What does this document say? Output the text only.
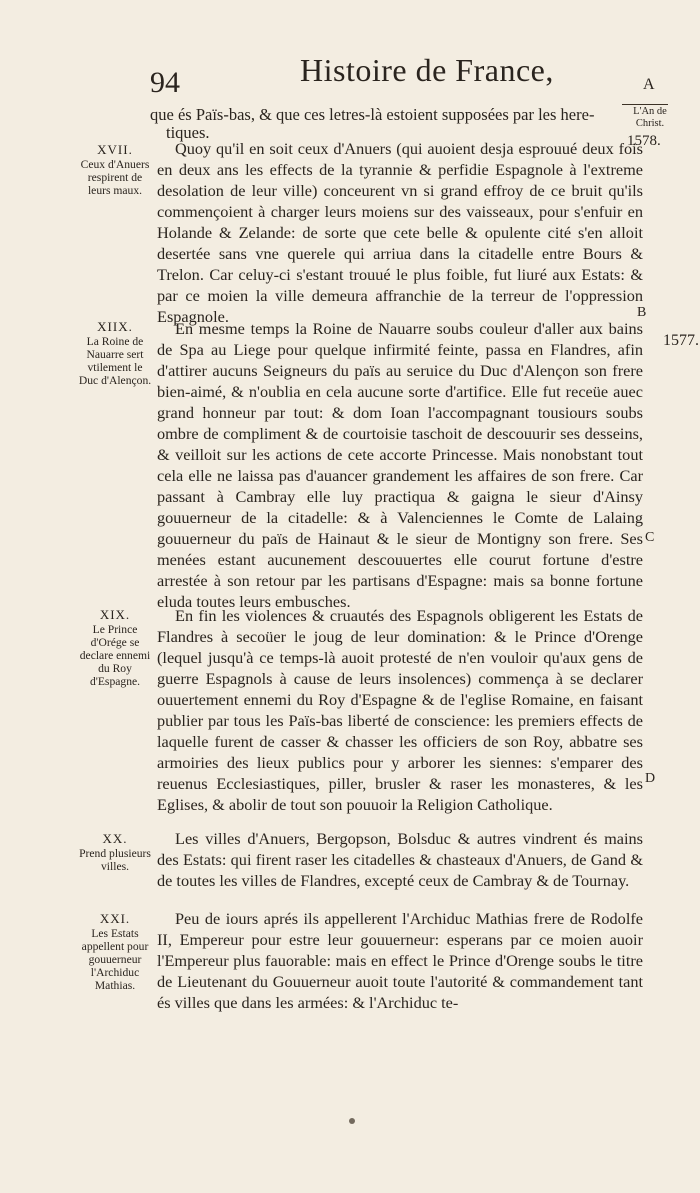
94	Histoire de France,	A
L'An de Christ.
1578.
B
1577.
C
D
que és Païs-bas, & que ces letres-là estoient supposées par les here-
tiques.
XVII.
Ceux d'Anuers respirent de leurs maux.

Quoy qu'il en soit ceux d'Anuers (qui auoient desja esprouué deux fois en deux ans les effects de la tyrannie & perfidie Espagnole à l'extreme desolation de leur ville) conceurent vn si grand effroy de ce bruit qu'ils commençoient à charger leurs moiens sur des vaisseaux, pour s'enfuir en Holande & Zelande: de sorte que cete belle & opulente cité s'en alloit desertée sans vne querele qui arriua dans la citadelle entre Bours & Trelon. Car celuy-ci s'estant trouué le plus foible, fut liuré aux Estats: & par ce moien la ville demeura affranchie de la terreur de l'oppression Espagnole.

XIIX.
La Roine de Nauarre sert vtilement le Duc d'Alençon.

En mesme temps la Roine de Nauarre soubs couleur d'aller aux bains de Spa au Liege pour quelque infirmité feinte, passa en Flandres, afin d'attirer aucuns Seigneurs du païs au seruice du Duc d'Alençon son frere bien-aimé, & n'oublia en cela aucune sorte d'artifice. Elle fut receüe auec grand honneur par tout: & dom Ioan l'accompagnant tousiours soubs ombre de compliment & de courtoisie taschoit de descouurir ses desseins, & veilloit sur les actions de cete accorte Princesse. Mais nonobstant tout cela elle ne laissa pas d'auancer grandement les affaires de son frere. Car passant à Cambray elle luy practiqua & gaigna le sieur d'Ainsy gouuerneur de la citadelle: & à Valenciennes le Comte de Lalaing gouuerneur du païs de Hainaut & le sieur de Montigny son frere. Ses menées estant aucunement descouuertes elle courut fortune d'estre arrestée à son retour par les partisans d'Espagne: mais sa bonne fortune eluda toutes leurs embusches.

XIX.
Le Prince d'Orége se declare ennemi du Roy d'Espagne.

En fin les violences & cruautés des Espagnols obligerent les Estats de Flandres à secoüer le joug de leur domination: & le Prince d'Orenge (lequel jusqu'à ce temps-là auoit protesté de n'en vouloir qu'aux gens de guerre Espagnols à cause de leurs insolences) commença à se declarer ouuertement ennemi du Roy d'Espagne & de l'eglise Romaine, en faisant publier par tous les Païs-bas liberté de conscience: les premiers effects de laquelle furent de casser & chasser les officiers de son Roy, abbatre ses armoiries des lieux publics pour y arborer les siennes: s'emparer des reuenus Ecclesiastiques, piller, brusler & raser les monasteres, & les Eglises, & abolir de tout son pouuoir la Religion Catholique.

XX.
Prend plusieurs villes.

Les villes d'Anuers, Bergopson, Bolsduc & autres vindrent és mains des Estats: qui firent raser les citadelles & chasteaux d'Anuers, de Gand & de toutes les villes de Flandres, excepté ceux de Cambray & de Tournay.

XXI.
Les Estats appellent pour gouuerneur l'Archiduc Mathias.

Peu de iours aprés ils appellerent l'Archiduc Mathias frere de Rodolfe II, Empereur pour estre leur gouuerneur: esperans par ce moien auoir l'Empereur plus fauorable: mais en effect le Prince d'Orenge soubs le titre de Lieutenant du Gouuerneur auoit toute l'autorité & commandement tant és villes que dans les armées: & l'Archiduc te-
